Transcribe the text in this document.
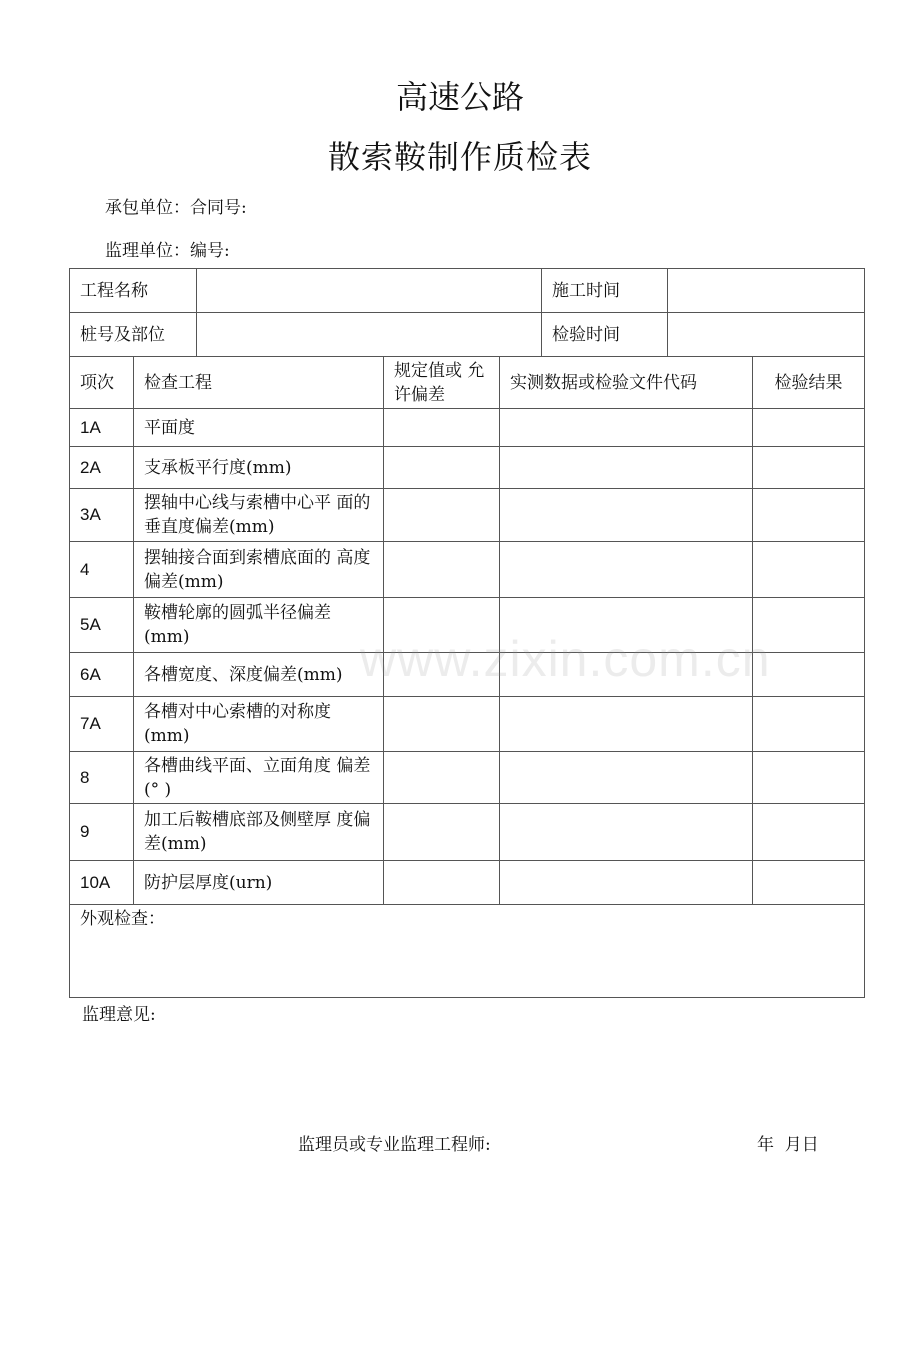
高速公路
散索鞍制作质检表
承包单位：合同号:
监理单位：编号:
工程名称					施工时间		
桩号及部位					检验时间		
项次	检查工程		规定值或 允许偏差	实测数据或检验文件代码			检验结果
1A	平面度						
2A	支承板平行度(mm)						
3A	摆轴中心线与索槽中心平 面的垂直度偏差(mm)						
4	摆轴接合面到索槽底面的 高度偏差(mm)						
5A	鞍槽轮廓的圆弧半径偏差 (mm)						
6A	各槽宽度、深度偏差(mm)						
7A	各槽对中心索槽的对称度 (mm)						
8	各槽曲线平面、立面角度 偏差(° )						
9	加工后鞍槽底部及侧壁厚 度偏差(mm)						
10A	防护层厚度(urn)						
外观检查：							
www.zixin.com.cn
监理意见:
监理员或专业监理工程师:	年  月日
